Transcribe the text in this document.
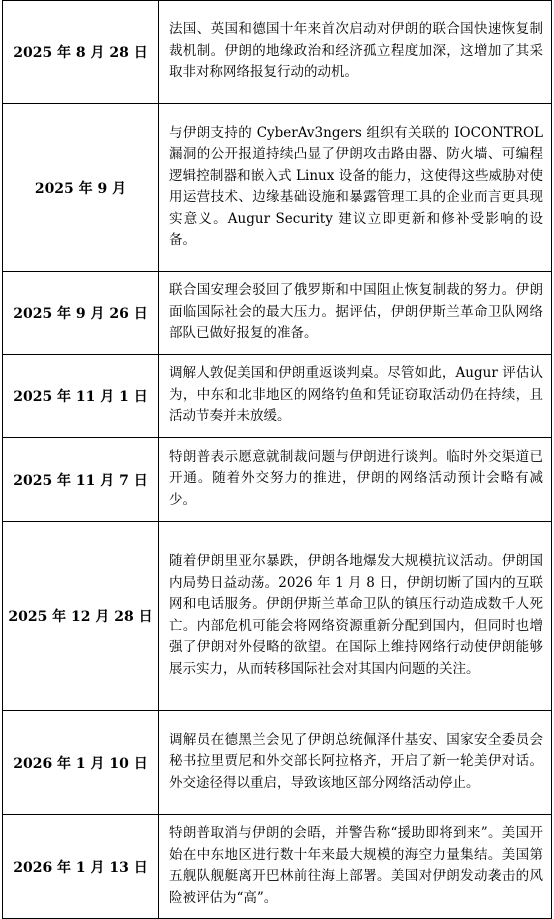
2025 年 8 月 28 日	法国、英国和德国十年来首次启动对伊朗的联合国快速恢复制裁机制。伊朗的地缘政治和经济孤立程度加深，这增加了其采取非对称网络报复行动的动机。
2025 年 9 月	与伊朗支持的 CyberAv3ngers 组织有关联的 IOCONTROL 漏洞的公开报道持续凸显了伊朗攻击路由器、防火墙、可编程逻辑控制器和嵌入式 Linux 设备的能力，这使得这些威胁对使用运营技术、边缘基础设施和暴露管理工具的企业而言更具现实意义。Augur Security 建议立即更新和修补受影响的设备。
2025 年 9 月 26 日	联合国安理会驳回了俄罗斯和中国阻止恢复制裁的努力。伊朗面临国际社会的最大压力。据评估，伊朗伊斯兰革命卫队网络部队已做好报复的准备。
2025 年 11 月 1 日	调解人敦促美国和伊朗重返谈判桌。尽管如此，Augur 评估认为，中东和北非地区的网络钓鱼和凭证窃取活动仍在持续，且活动节奏并未放缓。
2025 年 11 月 7 日	特朗普表示愿意就制裁问题与伊朗进行谈判。临时外交渠道已开通。随着外交努力的推进，伊朗的网络活动预计会略有减少。
2025 年 12 月 28 日	随着伊朗里亚尔暴跌，伊朗各地爆发大规模抗议活动。伊朗国内局势日益动荡。2026 年 1 月 8 日，伊朗切断了国内的互联网和电话服务。伊朗伊斯兰革命卫队的镇压行动造成数千人死亡。内部危机可能会将网络资源重新分配到国内，但同时也增强了伊朗对外侵略的欲望。在国际上维持网络行动使伊朗能够展示实力，从而转移国际社会对其国内问题的关注。
2026 年 1 月 10 日	调解员在德黑兰会见了伊朗总统佩泽什基安、国家安全委员会秘书拉里贾尼和外交部长阿拉格齐，开启了新一轮美伊对话。外交途径得以重启，导致该地区部分网络活动停止。
2026 年 1 月 13 日	特朗普取消与伊朗的会晤，并警告称“援助即将到来”。美国开始在中东地区进行数十年来最大规模的海空力量集结。美国第五舰队舰艇离开巴林前往海上部署。美国对伊朗发动袭击的风险被评估为“高”。
